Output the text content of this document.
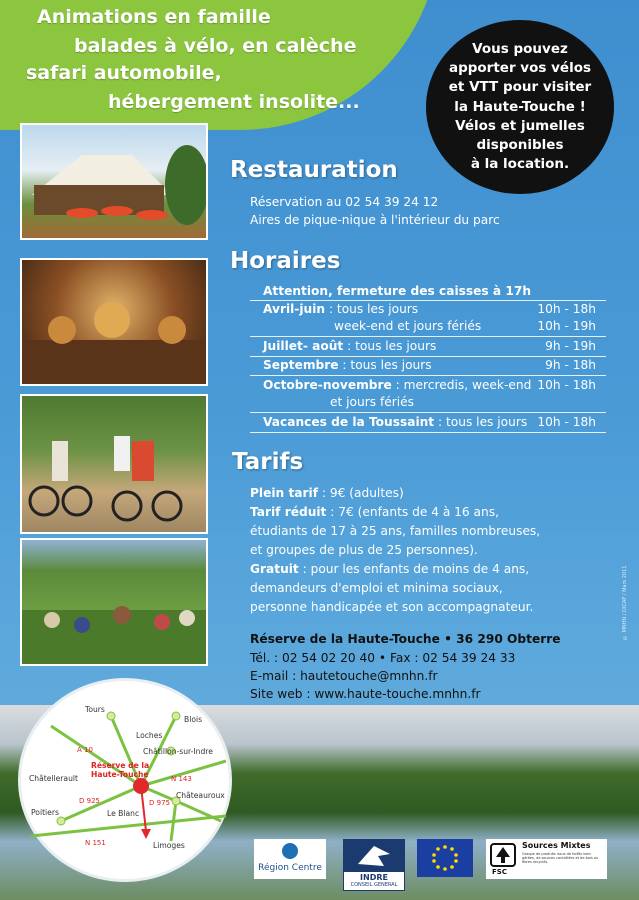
Animations en famille
balades à vélo, en calèche
safari automobile,
hébergement insolite...
Vous pouvez
apporter vos vélos
et VTT pour visiter
la Haute-Touche !
Vélos et jumelles
disponibles
à la location.
Restauration
Réservation au 02 54 39 24 12
Aires de pique-nique à l'intérieur du parc
Horaires
Attention, fermeture des caisses à 17h
Avril-juin : tous les jours	10h - 18h
week-end et jours fériés	10h - 19h
Juillet- août : tous les jours	9h - 19h
Septembre : tous les jours	9h - 18h
Octobre-novembre : mercredis, week-end 10h - 18h
et jours fériés
Vacances de la Toussaint : tous les jours 10h - 18h
Tarifs
Plein tarif : 9€ (adultes)
Tarif réduit : 7€ (enfants de 4 à 16 ans,
étudiants de 17 à 25 ans, familles nombreuses,
et groupes de plus de 25 personnes).
Gratuit : pour les enfants de moins de 4 ans,
demandeurs d'emploi et minima sociaux,
personne handicapée et son accompagnateur.
Réserve de la Haute-Touche • 36 290 Obterre
Tél. : 02 54 02 20 40 • Fax : 02 54 39 24 33
E-mail : hautetouche@mnhn.fr
Site web : www.haute-touche.mnhn.fr
© MNHN / DICAP / Mars 2011
Tours
Blois
Loches
Châtillon-sur-Indre
A 10
Réserve de la
Haute-Touche	N 143
Châtellerault
D 925
Châteauroux
D 975
Poitiers	Le Blanc
N 151	Limoges
Région Centre
INDRE
CONSEIL GENERAL
FSC
Sources Mixtes
Groupe de produits issus de forêts bien gérées, de sources contrôlées et de bois ou fibres recyclés.
